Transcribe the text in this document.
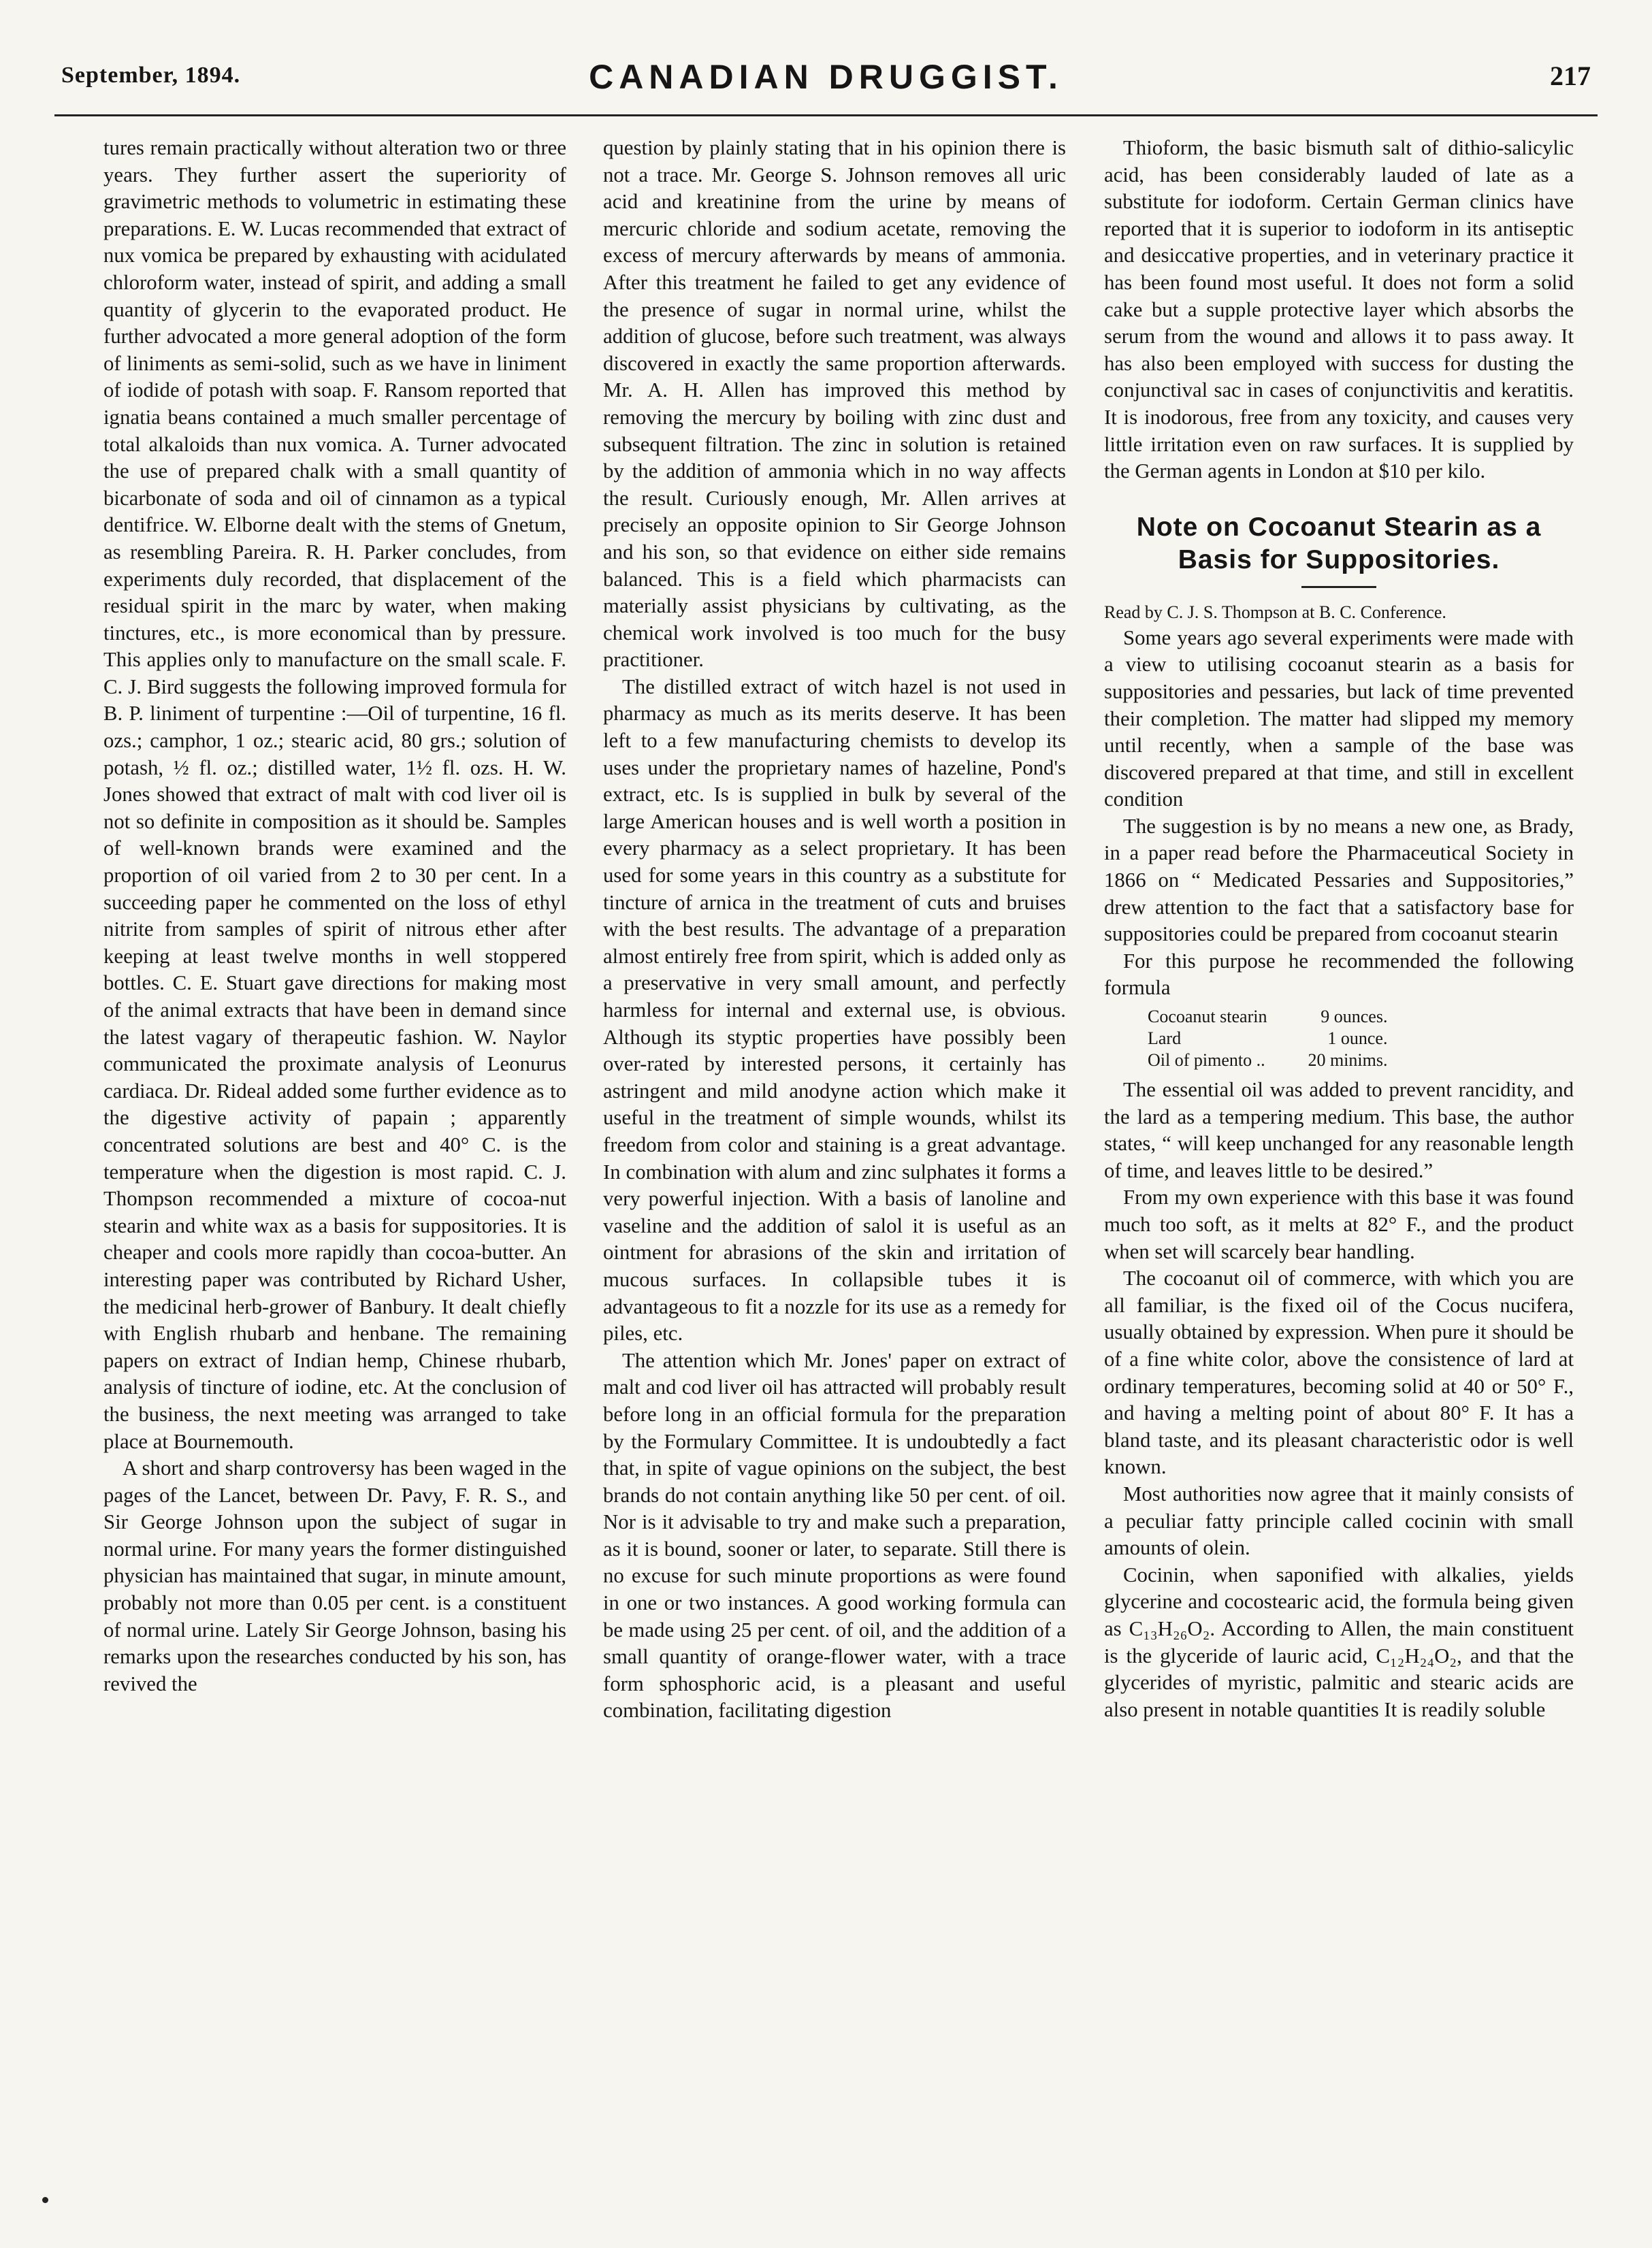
September, 1894.	CANADIAN DRUGGIST.	217

tures remain practically without alteration two or three years. They further assert the superiority of gravimetric methods to volumetric in estimating these preparations. E. W. Lucas recommended that extract of nux vomica be prepared by exhausting with acidulated chloroform water, instead of spirit, and adding a small quantity of glycerin to the evaporated product. He further advocated a more general adoption of the form of liniments as semi-solid, such as we have in liniment of iodide of potash with soap. F. Ransom reported that ignatia beans contained a much smaller percentage of total alkaloids than nux vomica. A. Turner advocated the use of prepared chalk with a small quantity of bicarbonate of soda and oil of cinnamon as a typical dentifrice. W. Elborne dealt with the stems of Gnetum, as resembling Pareira. R. H. Parker concludes, from experiments duly recorded, that displacement of the residual spirit in the marc by water, when making tinctures, etc., is more economical than by pressure. This applies only to manufacture on the small scale. F. C. J. Bird suggests the following improved formula for B. P. liniment of turpentine :—Oil of turpentine, 16 fl. ozs.; camphor, 1 oz.; stearic acid, 80 grs.; solution of potash, ½ fl. oz.; distilled water, 1½ fl. ozs. H. W. Jones showed that extract of malt with cod liver oil is not so definite in composition as it should be. Samples of well-known brands were examined and the proportion of oil varied from 2 to 30 per cent. In a succeeding paper he commented on the loss of ethyl nitrite from samples of spirit of nitrous ether after keeping at least twelve months in well stoppered bottles. C. E. Stuart gave directions for making most of the animal extracts that have been in demand since the latest vagary of therapeutic fashion. W. Naylor communicated the proximate analysis of Leonurus cardiaca. Dr. Rideal added some further evidence as to the digestive activity of papain ; apparently concentrated solutions are best and 40° C. is the temperature when the digestion is most rapid. C. J. Thompson recommended a mixture of cocoa-nut stearin and white wax as a basis for suppositories. It is cheaper and cools more rapidly than cocoa-butter. An interesting paper was contributed by Richard Usher, the medicinal herb-grower of Banbury. It dealt chiefly with English rhubarb and henbane. The remaining papers on extract of Indian hemp, Chinese rhubarb, analysis of tincture of iodine, etc. At the conclusion of the business, the next meeting was arranged to take place at Bournemouth.

A short and sharp controversy has been waged in the pages of the Lancet, between Dr. Pavy, F. R. S., and Sir George Johnson upon the subject of sugar in normal urine. For many years the former distinguished physician has maintained that sugar, in minute amount, probably not more than 0.05 per cent. is a constituent of normal urine. Lately Sir George Johnson, basing his remarks upon the researches conducted by his son, has revived the

question by plainly stating that in his opinion there is not a trace. Mr. George S. Johnson removes all uric acid and kreatinine from the urine by means of mercuric chloride and sodium acetate, removing the excess of mercury afterwards by means of ammonia. After this treatment he failed to get any evidence of the presence of sugar in normal urine, whilst the addition of glucose, before such treatment, was always discovered in exactly the same proportion afterwards. Mr. A. H. Allen has improved this method by removing the mercury by boiling with zinc dust and subsequent filtration. The zinc in solution is retained by the addition of ammonia which in no way affects the result. Curiously enough, Mr. Allen arrives at precisely an opposite opinion to Sir George Johnson and his son, so that evidence on either side remains balanced. This is a field which pharmacists can materially assist physicians by cultivating, as the chemical work involved is too much for the busy practitioner.

The distilled extract of witch hazel is not used in pharmacy as much as its merits deserve. It has been left to a few manufacturing chemists to develop its uses under the proprietary names of hazeline, Pond's extract, etc. Is is supplied in bulk by several of the large American houses and is well worth a position in every pharmacy as a select proprietary. It has been used for some years in this country as a substitute for tincture of arnica in the treatment of cuts and bruises with the best results. The advantage of a preparation almost entirely free from spirit, which is added only as a preservative in very small amount, and perfectly harmless for internal and external use, is obvious. Although its styptic properties have possibly been over-rated by interested persons, it certainly has astringent and mild anodyne action which make it useful in the treatment of simple wounds, whilst its freedom from color and staining is a great advantage. In combination with alum and zinc sulphates it forms a very powerful injection. With a basis of lanoline and vaseline and the addition of salol it is useful as an ointment for abrasions of the skin and irritation of mucous surfaces. In collapsible tubes it is advantageous to fit a nozzle for its use as a remedy for piles, etc.

The attention which Mr. Jones' paper on extract of malt and cod liver oil has attracted will probably result before long in an official formula for the preparation by the Formulary Committee. It is undoubtedly a fact that, in spite of vague opinions on the subject, the best brands do not contain anything like 50 per cent. of oil. Nor is it advisable to try and make such a preparation, as it is bound, sooner or later, to separate. Still there is no excuse for such minute proportions as were found in one or two instances. A good working formula can be made using 25 per cent. of oil, and the addition of a small quantity of orange-flower water, with a trace form sphosphoric acid, is a pleasant and useful combination, facilitating digestion

Thioform, the basic bismuth salt of dithio-salicylic acid, has been considerably lauded of late as a substitute for iodoform. Certain German clinics have reported that it is superior to iodoform in its antiseptic and desiccative properties, and in veterinary practice it has been found most useful. It does not form a solid cake but a supple protective layer which absorbs the serum from the wound and allows it to pass away. It has also been employed with success for dusting the conjunctival sac in cases of conjunctivitis and keratitis. It is inodorous, free from any toxicity, and causes very little irritation even on raw surfaces. It is supplied by the German agents in London at $10 per kilo.

Note on Cocoanut Stearin as a Basis for Suppositories.

Read by C. J. S. Thompson at B. C. Conference.

Some years ago several experiments were made with a view to utilising cocoanut stearin as a basis for suppositories and pessaries, but lack of time prevented their completion. The matter had slipped my memory until recently, when a sample of the base was discovered prepared at that time, and still in excellent condition

The suggestion is by no means a new one, as Brady, in a paper read before the Pharmaceutical Society in 1866 on “ Medicated Pessaries and Suppositories,” drew attention to the fact that a satisfactory base for suppositories could be prepared from cocoanut stearin

For this purpose he recommended the following formula

Cocoanut stearin	9 ounces.
Lard	1 ounce.
Oil of pimento ..	20 minims.

The essential oil was added to prevent rancidity, and the lard as a tempering medium. This base, the author states, “ will keep unchanged for any reasonable length of time, and leaves little to be desired.”

From my own experience with this base it was found much too soft, as it melts at 82° F., and the product when set will scarcely bear handling.

The cocoanut oil of commerce, with which you are all familiar, is the fixed oil of the Cocus nucifera, usually obtained by expression. When pure it should be of a fine white color, above the consistence of lard at ordinary temperatures, becoming solid at 40 or 50° F., and having a melting point of about 80° F. It has a bland taste, and its pleasant characteristic odor is well known.

Most authorities now agree that it mainly consists of a peculiar fatty principle called cocinin with small amounts of olein.

Cocinin, when saponified with alkalies, yields glycerine and cocostearic acid, the formula being given as C₁₃H₂₆O₂. According to Allen, the main constituent is the glyceride of lauric acid, C₁₂H₂₄O₂, and that the glycerides of myristic, palmitic and stearic acids are also present in notable quantities It is readily soluble
